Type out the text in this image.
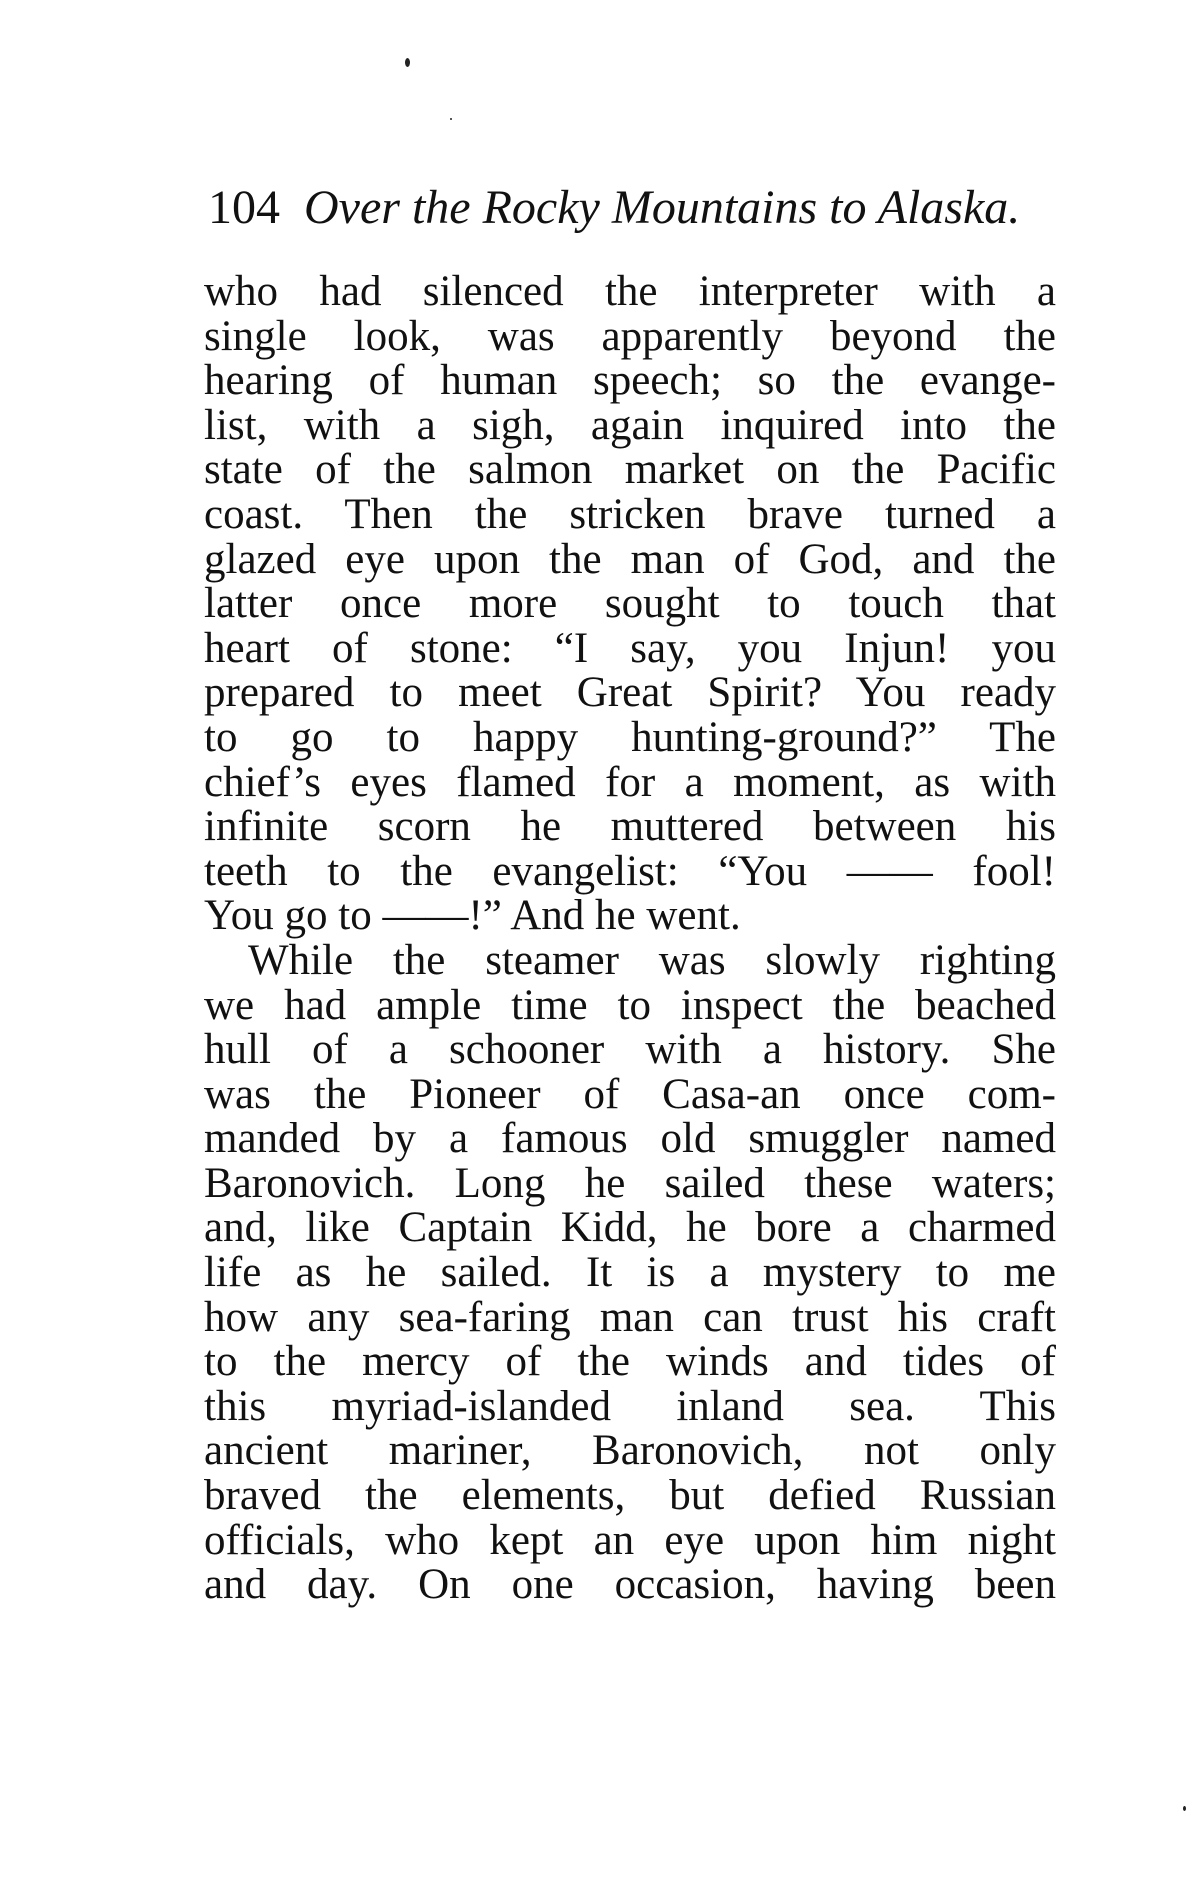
104 Over the Rocky Mountains to Alaska.
who had silenced the interpreter with a
single look, was apparently beyond the
hearing of human speech; so the evange-
list, with a sigh, again inquired into the
state of the salmon market on the Pacific
coast. Then the stricken brave turned a
glazed eye upon the man of God, and the
latter once more sought to touch that
heart of stone: “I say, you Injun! you
prepared to meet Great Spirit? You ready
to go to happy hunting-ground?” The
chief’s eyes flamed for a moment, as with
infinite scorn he muttered between his
teeth to the evangelist: “You —— fool!
You go to ——!” And he went.
While the steamer was slowly righting
we had ample time to inspect the beached
hull of a schooner with a history. She
was the Pioneer of Casa-an once com-
manded by a famous old smuggler named
Baronovich. Long he sailed these waters;
and, like Captain Kidd, he bore a charmed
life as he sailed. It is a mystery to me
how any sea-faring man can trust his craft
to the mercy of the winds and tides of
this myriad-islanded inland sea. This
ancient mariner, Baronovich, not only
braved the elements, but defied Russian
officials, who kept an eye upon him night
and day. On one occasion, having been
